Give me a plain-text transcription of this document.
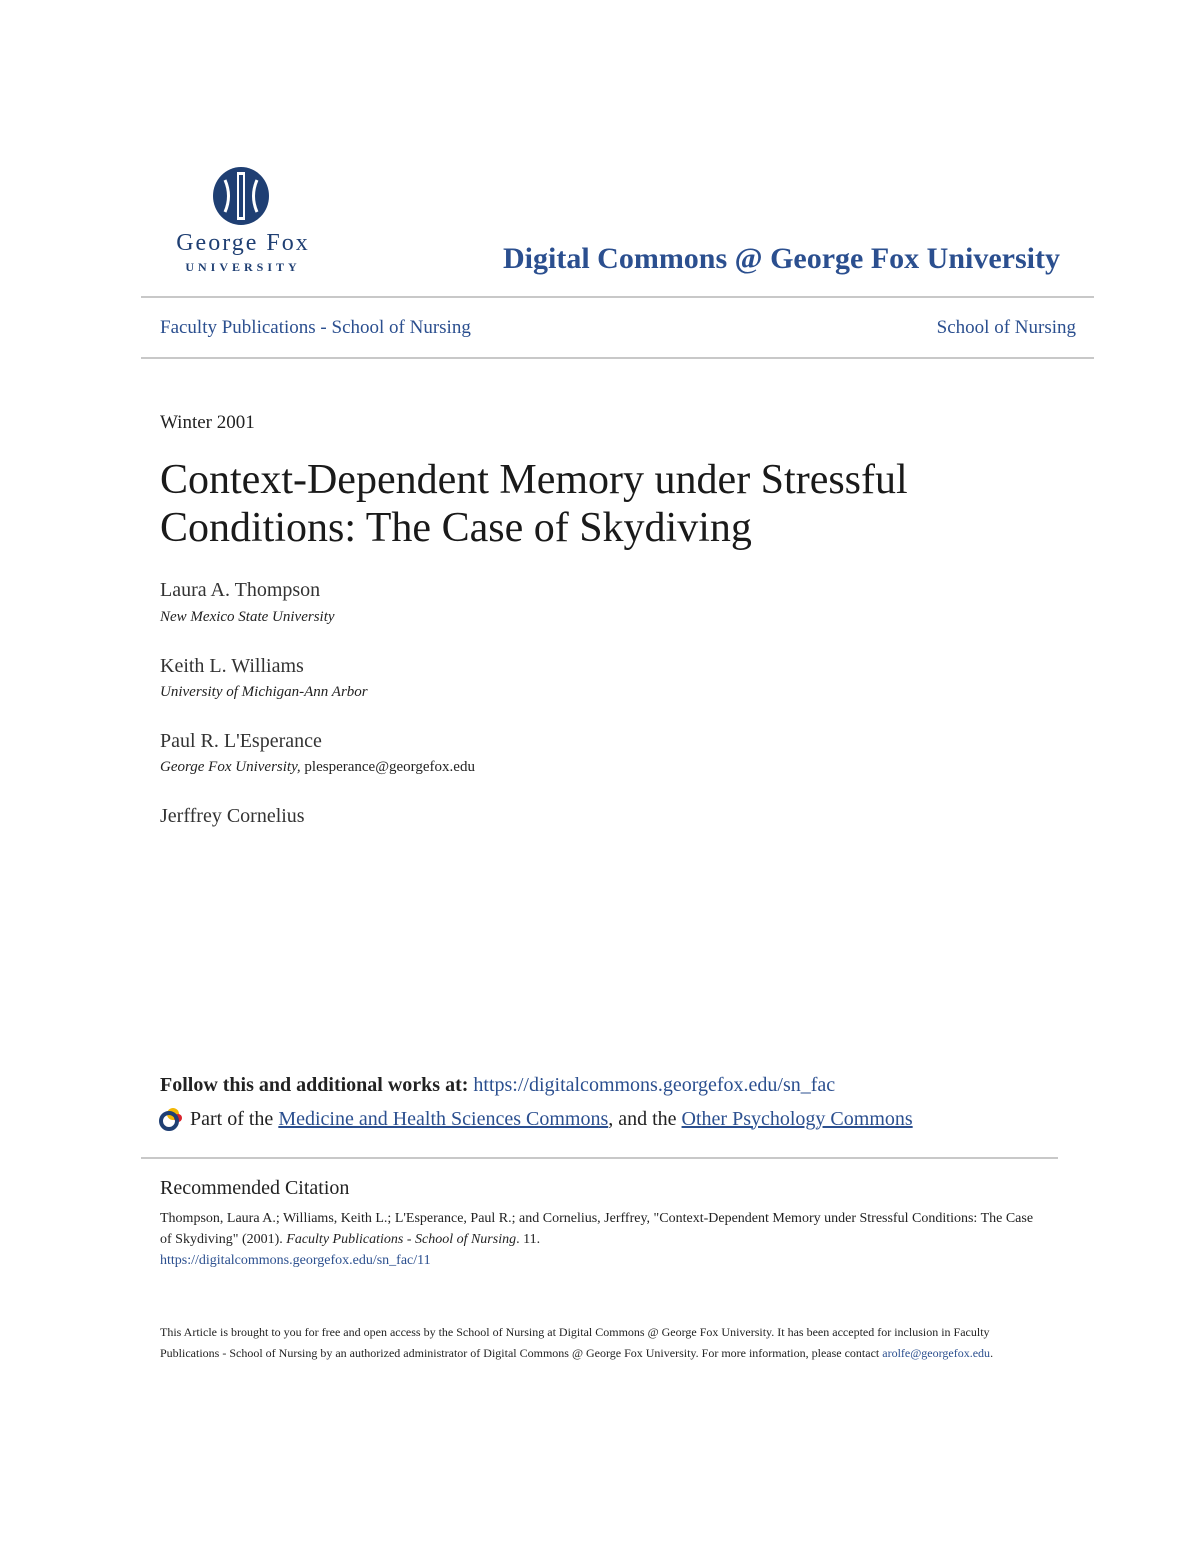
George Fox
UNIVERSITY	Digital Commons @ George Fox University
Faculty Publications - School of Nursing	School of Nursing
Winter 2001
Context-Dependent Memory under Stressful Conditions: The Case of Skydiving
Laura A. Thompson
New Mexico State University
Keith L. Williams
University of Michigan-Ann Arbor
Paul R. L'Esperance
George Fox University, plesperance@georgefox.edu
Jerffrey Cornelius
Follow this and additional works at: https://digitalcommons.georgefox.edu/sn_fac
Part of the
Medicine and Health Sciences Commons , and the
Other Psychology Commons
Recommended Citation
Thompson, Laura A.; Williams, Keith L.; L'Esperance, Paul R.; and Cornelius, Jerffrey, "Context-Dependent Memory under Stressful Conditions: The Case of Skydiving" (2001). Faculty Publications - School of Nursing. 11.
https://digitalcommons.georgefox.edu/sn_fac/11
This Article is brought to you for free and open access by the School of Nursing at Digital Commons @ George Fox University. It has been accepted for inclusion in Faculty Publications - School of Nursing by an authorized administrator of Digital Commons @ George Fox University. For more information, please contact arolfe@georgefox.edu.
